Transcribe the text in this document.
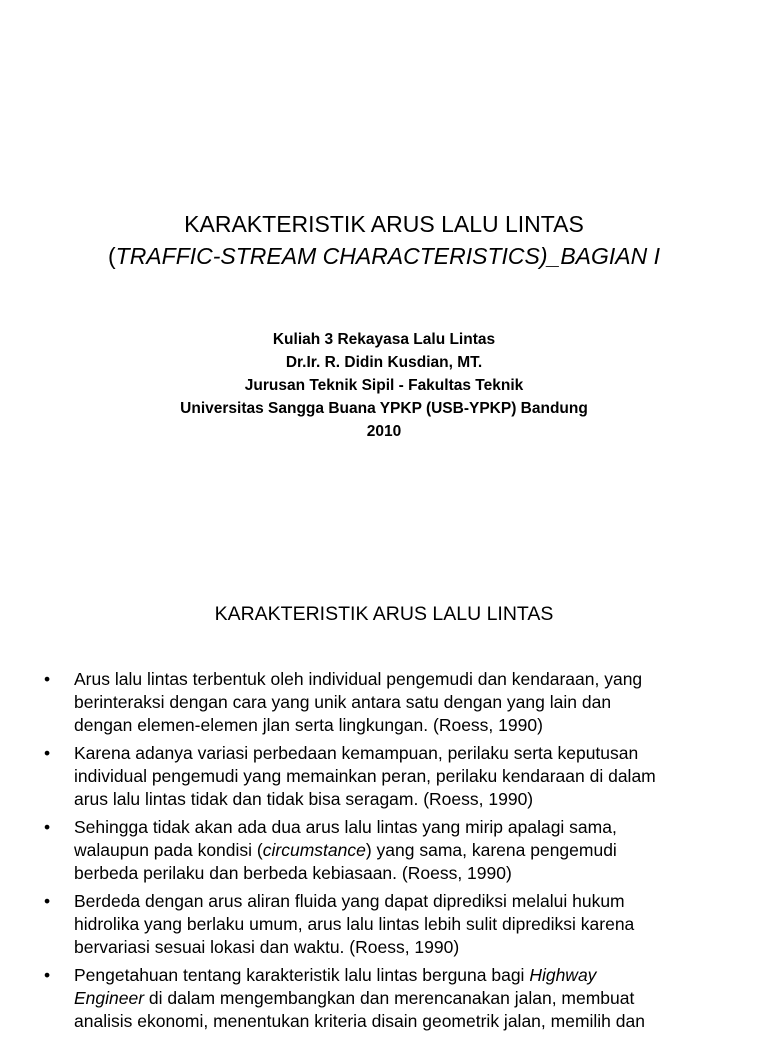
KARAKTERISTIK ARUS LALU LINTAS
(TRAFFIC-STREAM CHARACTERISTICS)_BAGIAN I
Kuliah 3 Rekayasa Lalu Lintas
Dr.Ir. R. Didin Kusdian, MT.
Jurusan Teknik Sipil - Fakultas Teknik
Universitas Sangga Buana YPKP (USB-YPKP) Bandung
2010
KARAKTERISTIK ARUS LALU LINTAS
• Arus lalu lintas terbentuk oleh individual pengemudi dan kendaraan, yang
berinteraksi dengan cara yang unik antara satu dengan yang lain dan
dengan elemen-elemen jlan serta lingkungan. (Roess, 1990)
• Karena adanya variasi perbedaan kemampuan, perilaku serta keputusan
individual pengemudi yang memainkan peran, perilaku kendaraan di dalam
arus lalu lintas tidak dan tidak bisa seragam. (Roess, 1990)
• Sehingga tidak akan ada dua arus lalu lintas yang mirip apalagi sama,
walaupun pada kondisi (circumstance) yang sama, karena pengemudi
berbeda perilaku dan berbeda kebiasaan. (Roess, 1990)
• Berdeda dengan arus aliran fluida yang dapat diprediksi melalui hukum
hidrolika yang berlaku umum, arus lalu lintas lebih sulit diprediksi karena
bervariasi sesuai lokasi dan waktu. (Roess, 1990)
• Pengetahuan tentang karakteristik lalu lintas berguna bagi Highway
Engineer di dalam mengembangkan dan merencanakan jalan, membuat
analisis ekonomi, menentukan kriteria disain geometrik jalan, memilih dan
